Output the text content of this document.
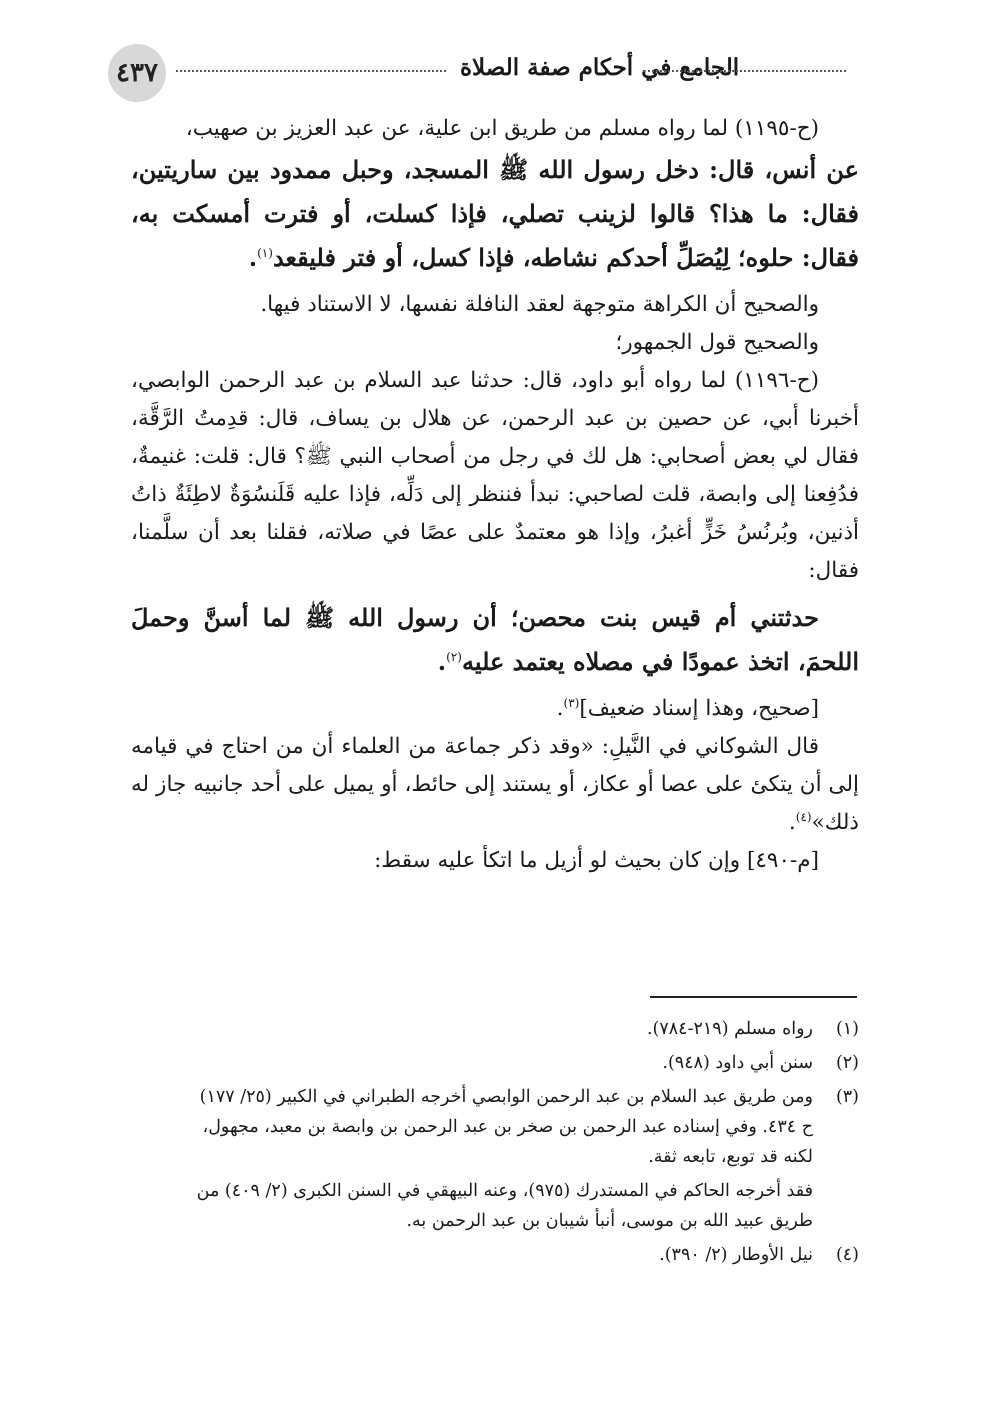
٤٣٧	الجامع في أحكام صفة الصلاة

(ح-١١٩٥) لما رواه مسلم من طريق ابن علية، عن عبد العزيز بن صهيب،

عن أنس، قال: دخل رسول الله ﷺ المسجد، وحبل ممدود بين ساريتين، فقال: ما هذا؟ قالوا لزينب تصلي، فإذا كسلت، أو فترت أمسكت به، فقال: حلوه؛ لِيُصَلِّ أحدكم نشاطه، فإذا كسل، أو فتر فليقعد$^{(١)}$.

والصحيح أن الكراهة متوجهة لعقد النافلة نفسها، لا الاستناد فيها.

والصحيح قول الجمهور؛

(ح-١١٩٦) لما رواه أبو داود، قال: حدثنا عبد السلام بن عبد الرحمن الوابصي، أخبرنا أبي، عن حصين بن عبد الرحمن، عن هلال بن يساف، قال: قدِمتُ الرَّقَّة، فقال لي بعض أصحابي: هل لك في رجل من أصحاب النبي ﷺ؟ قال: قلت: غنيمةٌ، فدُفِعنا إلى وابصة، قلت لصاحبي: نبدأ فننظر إلى دَلِّه، فإذا عليه قَلَنسُوَةٌ لاطِئَةٌ ذاتُ أذنين، وبُرنُسُ خَزٍّ أغبرُ، وإذا هو معتمدٌ على عصًا في صلاته، فقلنا بعد أن سلَّمنا، فقال:

حدثتني أم قيس بنت محصن؛ أن رسول الله ﷺ لما أسنَّ وحملَ اللحمَ، اتخذ عمودًا في مصلاه يعتمد عليه$^{(٢)}$.

[صحيح، وهذا إسناد ضعيف]$^{(٣)}$.

قال الشوكاني في النَّيلِ: «وقد ذكر جماعة من العلماء أن من احتاج في قيامه إلى أن يتكئ على عصا أو عكاز، أو يستند إلى حائط، أو يميل على أحد جانبيه جاز له ذلك»$^{(٤)}$.

[م-٤٩٠] وإن كان بحيث لو أزيل ما اتكأ عليه سقط:

(١)
رواه مسلم (٢١٩-٧٨٤).
(٢)
سنن أبي داود (٩٤٨).
(٣)
ومن طريق عبد السلام بن عبد الرحمن الوابصي أخرجه الطبراني في الكبير (٢٥/ ١٧٧)
ح ٤٣٤. وفي إسناده عبد الرحمن بن صخر بن عبد الرحمن بن وابصة بن معبد، مجهول،
لكنه قد توبع، تابعه ثقة.
فقد أخرجه الحاكم في المستدرك (٩٧٥)، وعنه البيهقي في السنن الكبرى (٢/ ٤٠٩) من
طريق عبيد الله بن موسى، أنبأ شيبان بن عبد الرحمن به.
(٤)
نيل الأوطار (٢/ ٣٩٠).
